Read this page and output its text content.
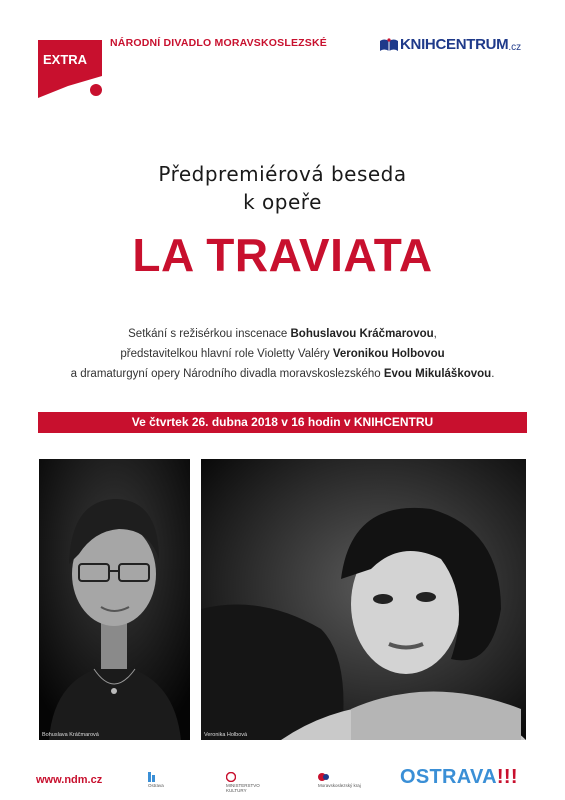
EXTRA
NÁRODNÍ DIVADLO MORAVSKOSLEZSKÉ	KNIHCENTRUM .cz
Předpremiérová beseda
k opeře
LA TRAVIATA
Setkání s režisérkou inscenace Bohuslavou Kráčmarovou,
představitelkou hlavní role Violetty Valéry Veronikou Holbovou
a dramaturgyní opery Národního divadla moravskoslezského Evou Mikuláškovou.
Ve čtvrtek 26. dubna 2018 v 16 hodin v KNIHCENTRU
Bohuslava Kráčmarová	Veronika Holbová
www.ndm.cz	Ostrava	MINISTERSTVO KULTURY
Moravskoslezský kraj	OSTRAVA!!!
